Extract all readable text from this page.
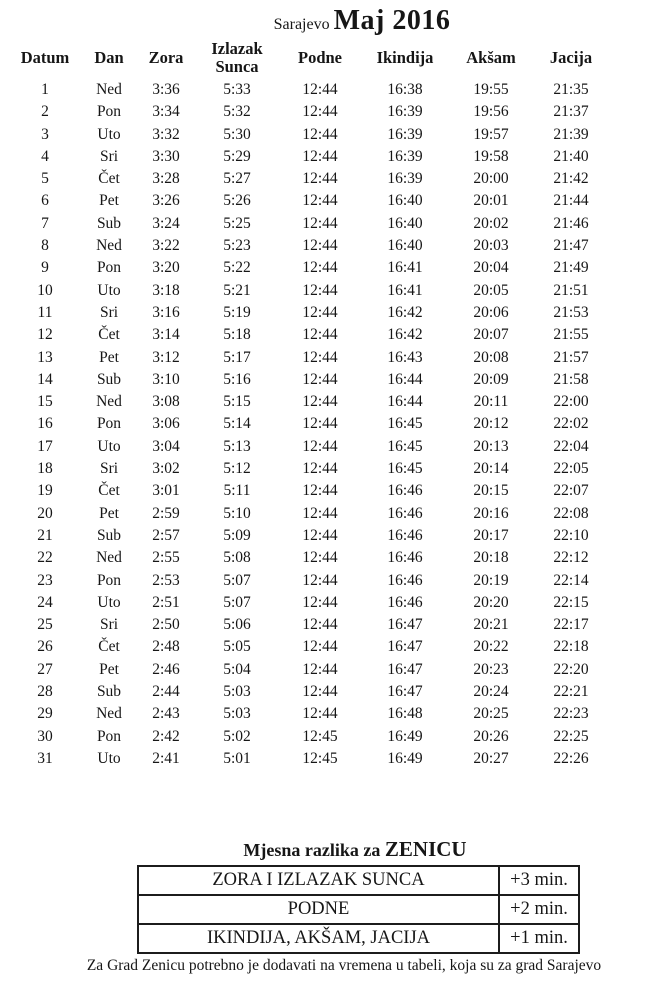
Sarajevo Maj 2016
Datum	Dan	Zora	Izlazak Sunca	Podne	Ikindija	Akšam	Jacija
1	Ned	3:36	5:33	12:44	16:38	19:55	21:35
2	Pon	3:34	5:32	12:44	16:39	19:56	21:37
3	Uto	3:32	5:30	12:44	16:39	19:57	21:39
4	Sri	3:30	5:29	12:44	16:39	19:58	21:40
5	Čet	3:28	5:27	12:44	16:39	20:00	21:42
6	Pet	3:26	5:26	12:44	16:40	20:01	21:44
7	Sub	3:24	5:25	12:44	16:40	20:02	21:46
8	Ned	3:22	5:23	12:44	16:40	20:03	21:47
9	Pon	3:20	5:22	12:44	16:41	20:04	21:49
10	Uto	3:18	5:21	12:44	16:41	20:05	21:51
11	Sri	3:16	5:19	12:44	16:42	20:06	21:53
12	Čet	3:14	5:18	12:44	16:42	20:07	21:55
13	Pet	3:12	5:17	12:44	16:43	20:08	21:57
14	Sub	3:10	5:16	12:44	16:44	20:09	21:58
15	Ned	3:08	5:15	12:44	16:44	20:11	22:00
16	Pon	3:06	5:14	12:44	16:45	20:12	22:02
17	Uto	3:04	5:13	12:44	16:45	20:13	22:04
18	Sri	3:02	5:12	12:44	16:45	20:14	22:05
19	Čet	3:01	5:11	12:44	16:46	20:15	22:07
20	Pet	2:59	5:10	12:44	16:46	20:16	22:08
21	Sub	2:57	5:09	12:44	16:46	20:17	22:10
22	Ned	2:55	5:08	12:44	16:46	20:18	22:12
23	Pon	2:53	5:07	12:44	16:46	20:19	22:14
24	Uto	2:51	5:07	12:44	16:46	20:20	22:15
25	Sri	2:50	5:06	12:44	16:47	20:21	22:17
26	Čet	2:48	5:05	12:44	16:47	20:22	22:18
27	Pet	2:46	5:04	12:44	16:47	20:23	22:20
28	Sub	2:44	5:03	12:44	16:47	20:24	22:21
29	Ned	2:43	5:03	12:44	16:48	20:25	22:23
30	Pon	2:42	5:02	12:45	16:49	20:26	22:25
31	Uto	2:41	5:01	12:45	16:49	20:27	22:26
Mjesna razlika za ZENICU
ZORA I IZLAZAK SUNCA	+3 min.
PODNE	+2 min.
IKINDIJA, AKŠAM, JACIJA	+1 min.
Za Grad Zenicu potrebno je dodavati na vremena u tabeli, koja su za grad Sarajevo
